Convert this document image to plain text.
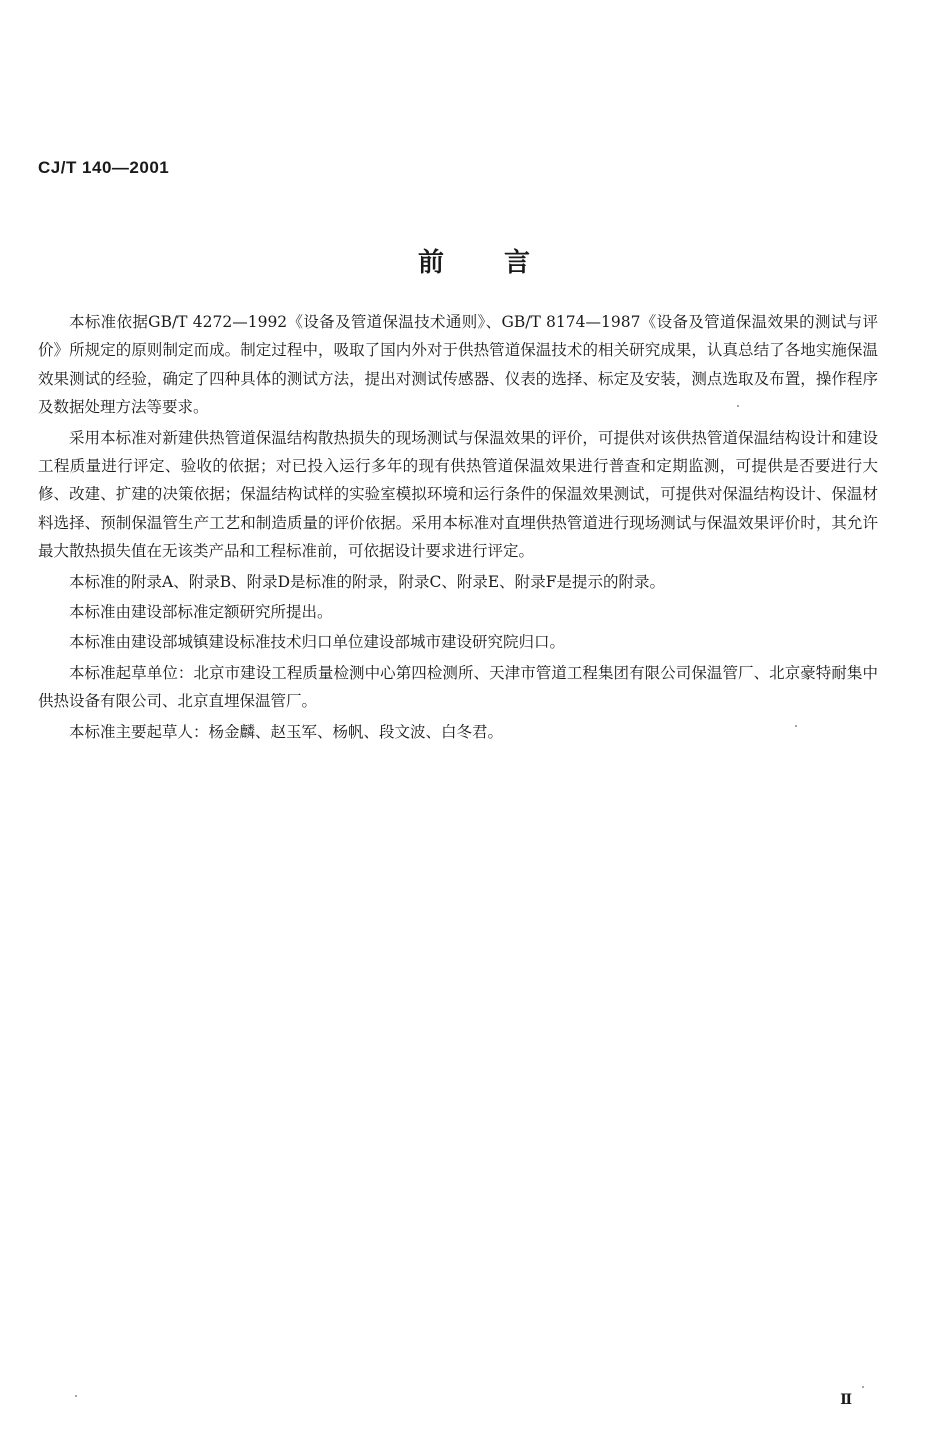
CJ/T 140—2001
前 言

本标准依据GB/T 4272—1992《设备及管道保温技术通则》、GB/T 8174—1987《设备及管道保温效果的测试与评价》所规定的原则制定而成。制定过程中，吸取了国内外对于供热管道保温技术的相关研究成果，认真总结了各地实施保温效果测试的经验，确定了四种具体的测试方法，提出对测试传感器、仪表的选择、标定及安装，测点选取及布置，操作程序及数据处理方法等要求。

采用本标准对新建供热管道保温结构散热损失的现场测试与保温效果的评价，可提供对该供热管道保温结构设计和建设工程质量进行评定、验收的依据；对已投入运行多年的现有供热管道保温效果进行普查和定期监测，可提供是否要进行大修、改建、扩建的决策依据；保温结构试样的实验室模拟环境和运行条件的保温效果测试，可提供对保温结构设计、保温材料选择、预制保温管生产工艺和制造质量的评价依据。采用本标准对直埋供热管道进行现场测试与保温效果评价时，其允许最大散热损失值在无该类产品和工程标准前，可依据设计要求进行评定。

本标准的附录A、附录B、附录D是标准的附录，附录C、附录E、附录F是提示的附录。

本标准由建设部标准定额研究所提出。

本标准由建设部城镇建设标准技术归口单位建设部城市建设研究院归口。

本标准起草单位：北京市建设工程质量检测中心第四检测所、天津市管道工程集团有限公司保温管厂、北京豪特耐集中供热设备有限公司、北京直埋保温管厂。

本标准主要起草人：杨金麟、赵玉军、杨帆、段文波、白冬君。

Ⅱ
